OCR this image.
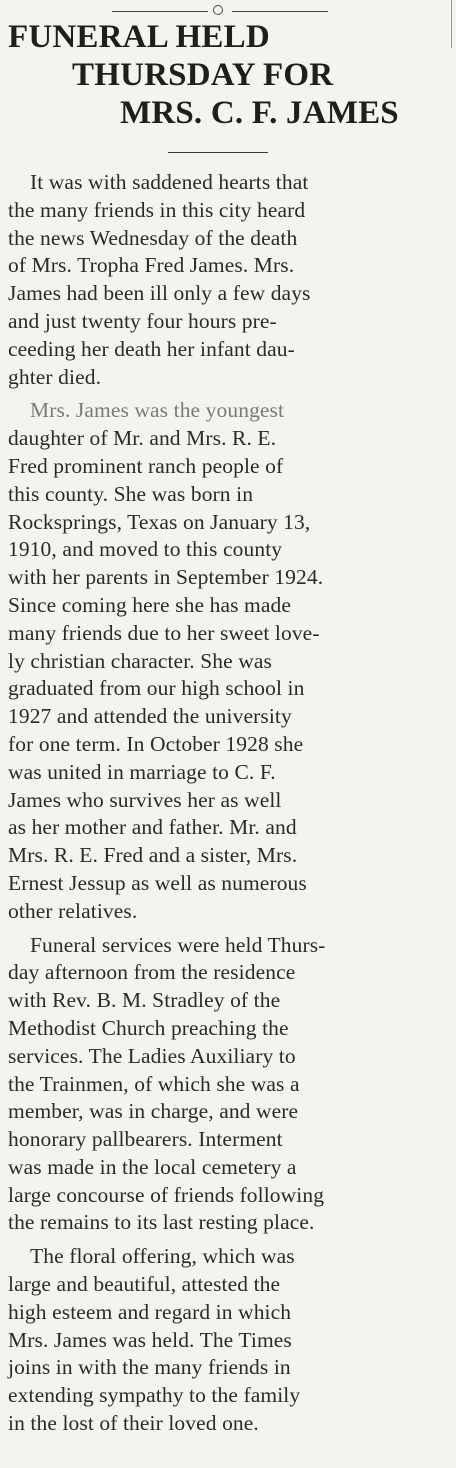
FUNERAL HELD
THURSDAY FOR
MRS. C. F. JAMES

It was with saddened hearts that
the many friends in this city heard
the news Wednesday of the death
of Mrs. Tropha Fred James. Mrs.
James had been ill only a few days
and just twenty four hours pre-
ceeding her death her infant dau-
ghter died.

Mrs. James was the youngest
daughter of Mr. and Mrs. R. E.
Fred prominent ranch people of
this county. She was born in
Rocksprings, Texas on January 13,
1910, and moved to this county
with her parents in September 1924.
Since coming here she has made
many friends due to her sweet love-
ly christian character. She was
graduated from our high school in
1927 and attended the university
for one term. In October 1928 she
was united in marriage to C. F.
James who survives her as well
as her mother and father. Mr. and
Mrs. R. E. Fred and a sister, Mrs.
Ernest Jessup as well as numerous
other relatives.

Funeral services were held Thurs-
day afternoon from the residence
with Rev. B. M. Stradley of the
Methodist Church preaching the
services. The Ladies Auxiliary to
the Trainmen, of which she was a
member, was in charge, and were
honorary pallbearers. Interment
was made in the local cemetery a
large concourse of friends following
the remains to its last resting place.

The floral offering, which was
large and beautiful, attested the
high esteem and regard in which
Mrs. James was held. The Times
joins in with the many friends in
extending sympathy to the family
in the lost of their loved one.
